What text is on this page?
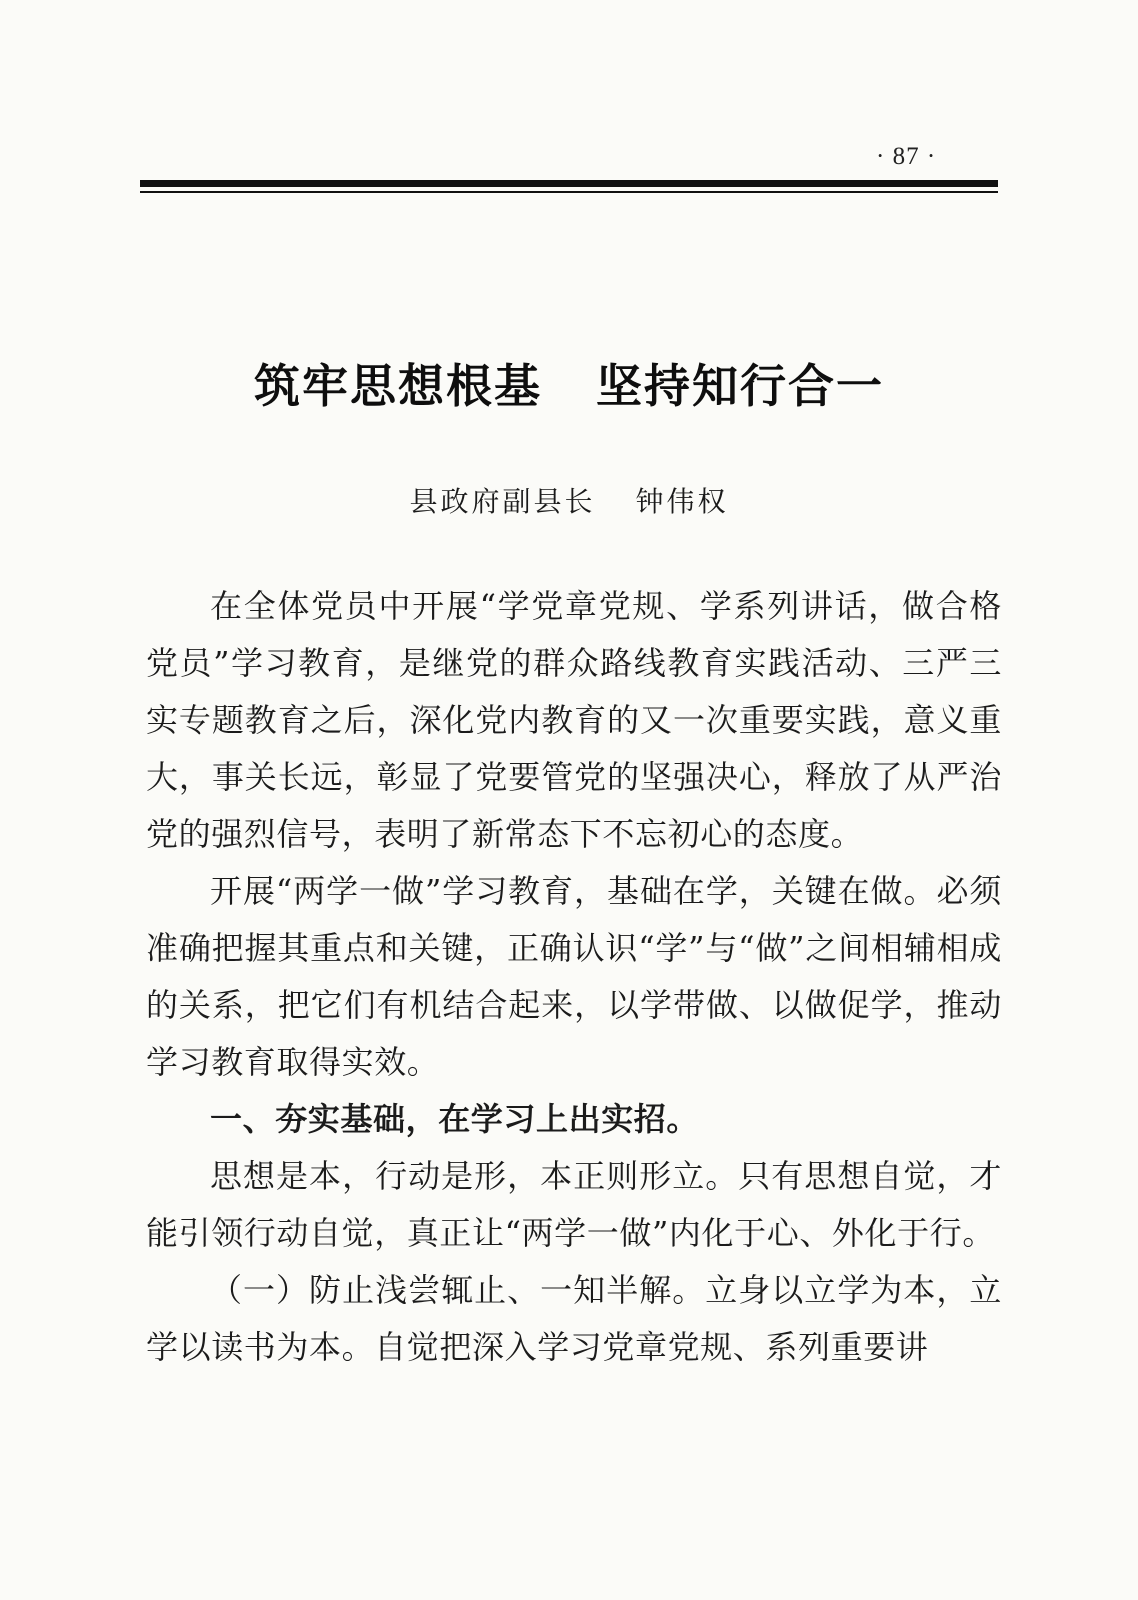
· 87 ·
筑牢思想根基 坚持知行合一
县政府副县长 钟伟权

在全体党员中开展“学党章党规、学系列讲话，做合格党员”学习教育，是继党的群众路线教育实践活动、三严三实专题教育之后，深化党内教育的又一次重要实践，意义重大，事关长远，彰显了党要管党的坚强决心，释放了从严治党的强烈信号，表明了新常态下不忘初心的态度。

开展“两学一做”学习教育，基础在学，关键在做。必须准确把握其重点和关键，正确认识“学”与“做”之间相辅相成的关系，把它们有机结合起来，以学带做、以做促学，推动学习教育取得实效。

一、夯实基础，在学习上出实招。

思想是本，行动是形，本正则形立。只有思想自觉，才能引领行动自觉，真正让“两学一做”内化于心、外化于行。

（一）防止浅尝辄止、一知半解。立身以立学为本，立学以读书为本。自觉把深入学习党章党规、系列重要讲
